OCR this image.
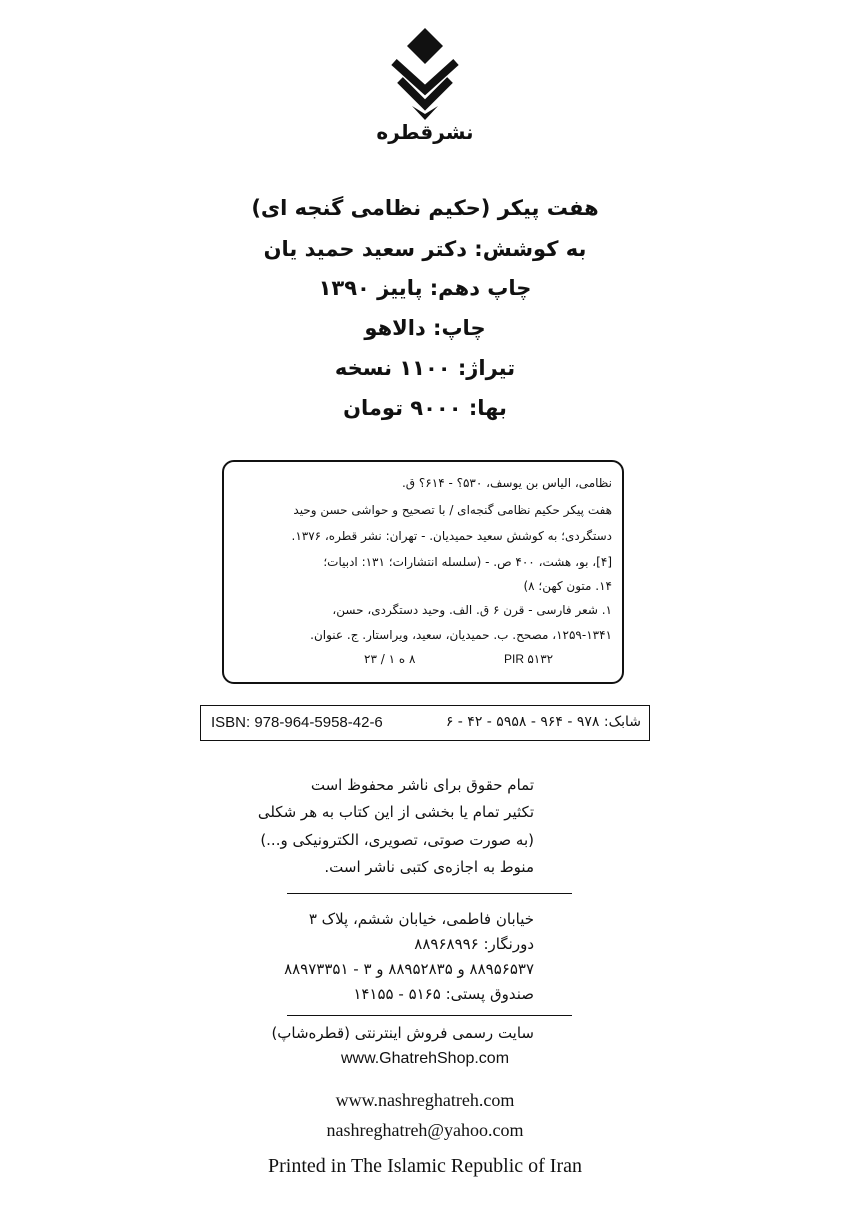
نشرقطره
هفت پیکر (حکیم نظامی گنجه ای)
به کوشش: دکتر سعید حمید یان
چاپ دهم: پاییز ۱۳۹۰
چاپ: دالاهو
تیراژ: ۱۱۰۰ نسخه
بها: ۹۰۰۰ تومان
نظامی، الیاس بن یوسف، ۵۳۰؟ - ۶۱۴؟ ق.
هفت پیکر حکیم نظامی گنجه‌ای / با تصحیح و حواشی حسن وحید
دستگردی؛ به کوشش سعید حمیدیان. - تهران: نشر قطره، ۱۳۷۶.
[۴]، بو، هشت، ۴۰۰ ص. - (سلسله انتشارات؛ ۱۳۱: ادبیات؛
۱۴. متون کهن؛ ۸)
۱. شعر فارسی - قرن ۶ ق. الف. وحید دستگردی، حسن،
۱۲۵۹-۱۳۴۱، مصحح. ب. حمیدیان، سعید، ویراستار. ج. عنوان.
PIR ۵۱۳۲
۸ ه ۱ / ۲۳
ISBN: 978-964-5958-42-6	شابک: ۹۷۸ - ۹۶۴ - ۵۹۵۸ - ۴۲ - ۶
تمام حقوق برای ناشر محفوظ است
تکثیر تمام یا بخشی از این کتاب به هر شکلی
(به صورت صوتی، تصویری، الکترونیکی و...)
منوط به اجازه‌ی کتبی ناشر است.
خیابان فاطمی، خیابان ششم، پلاک ۳
دورنگار: ۸۸۹۶۸۹۹۶
۸۸۹۵۶۵۳۷ و ۸۸۹۵۲۸۳۵ و ۳ - ۸۸۹۷۳۳۵۱
صندوق پستی: ۵۱۶۵ - ۱۴۱۵۵
سایت رسمی فروش اینترنتی (قطره‌شاپ)
www.GhatrehShop.com
www.nashreghatreh.com
nashreghatreh@yahoo.com
Printed in The Islamic Republic of Iran
